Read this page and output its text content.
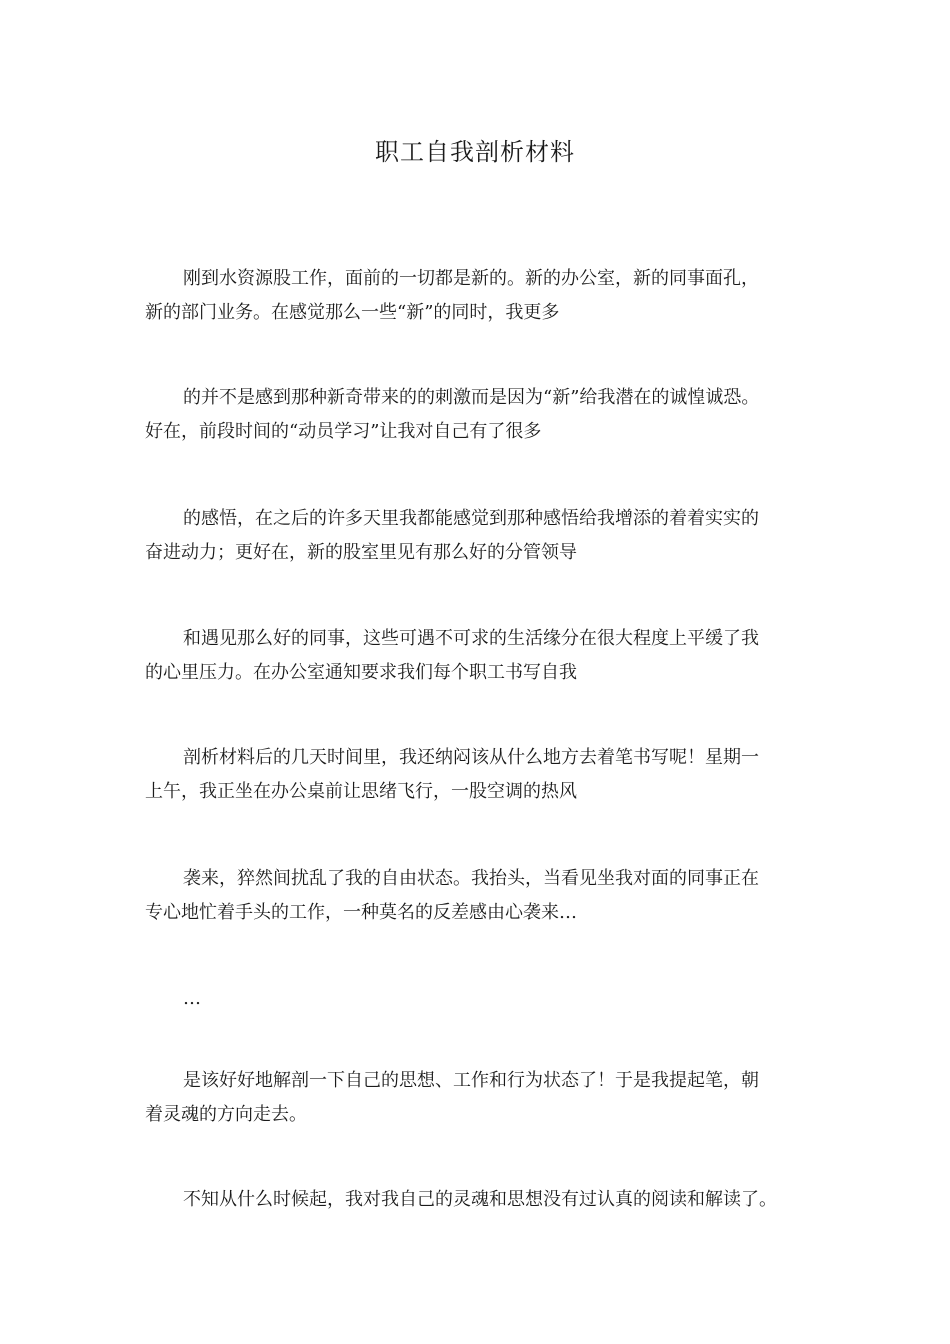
职工自我剖析材料

刚到水资源股工作，面前的一切都是新的。新的办公室，新的同事面孔，
新的部门业务。在感觉那么一些“新”的同时，我更多

的并不是感到那种新奇带来的的刺激而是因为“新”给我潜在的诚惶诚恐。
好在，前段时间的“动员学习”让我对自己有了很多

的感悟，在之后的许多天里我都能感觉到那种感悟给我增添的着着实实的
奋进动力；更好在，新的股室里见有那么好的分管领导

和遇见那么好的同事，这些可遇不可求的生活缘分在很大程度上平缓了我
的心里压力。在办公室通知要求我们每个职工书写自我

剖析材料后的几天时间里，我还纳闷该从什么地方去着笔书写呢！星期一
上午，我正坐在办公桌前让思绪飞行，一股空调的热风

袭来，猝然间扰乱了我的自由状态。我抬头，当看见坐我对面的同事正在
专心地忙着手头的工作，一种莫名的反差感由心袭来…

…

是该好好地解剖一下自己的思想、工作和行为状态了！于是我提起笔，朝
着灵魂的方向走去。

不知从什么时候起，我对我自己的灵魂和思想没有过认真的阅读和解读了。
